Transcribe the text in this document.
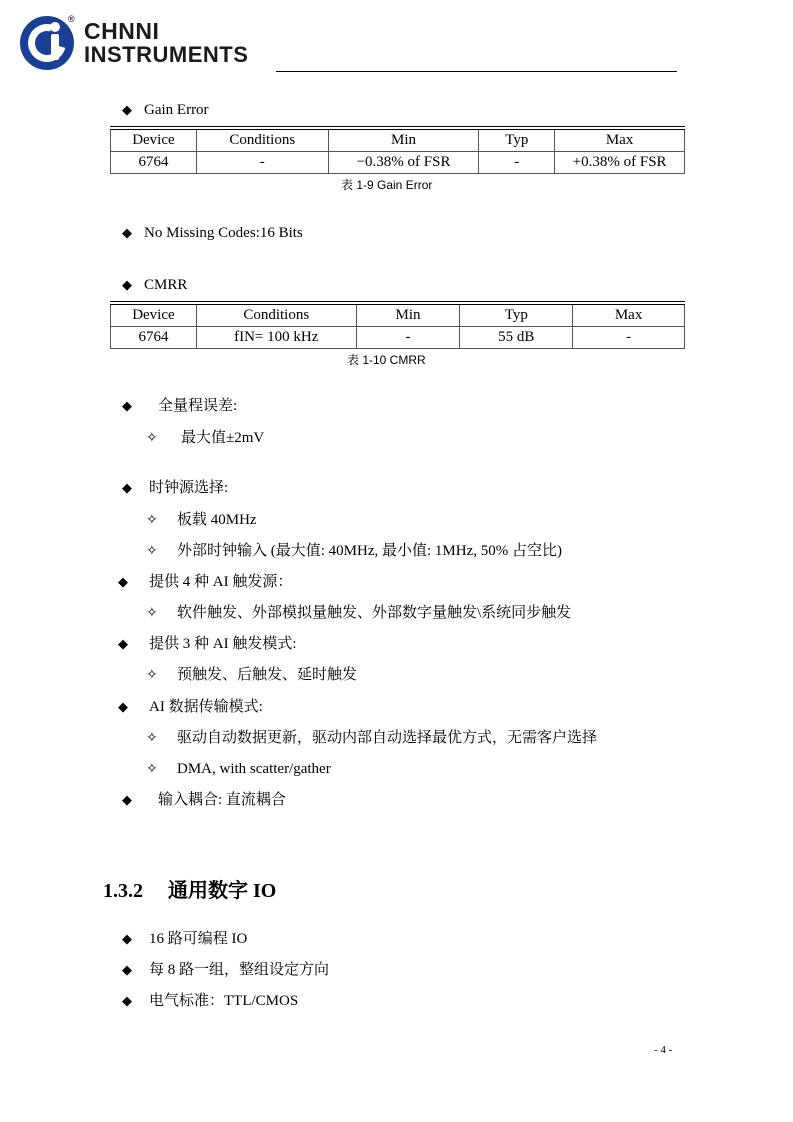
® CHNNI
INSTRUMENTS
◆ Gain Error
Device	Conditions	Min	Typ	Max
6764	-	−0.38% of FSR	-	+0.38% of FSR
表 1-9 Gain Error
◆ No Missing Codes:16 Bits
◆ CMRR
Device	Conditions	Min	Typ	Max
6764	fIN= 100 kHz	-	55 dB	-
表 1-10 CMRR
◆ 全量程误差:
✧ 最大值±2mV
◆ 时钟源选择:
✧ 板载 40MHz
✧ 外部时钟输入 (最大值: 40MHz, 最小值: 1MHz, 50% 占空比)
◆ 提供 4 种 AI 触发源：
✧ 软件触发、外部模拟量触发、外部数字量触发\系统同步触发
◆ 提供 3 种 AI 触发模式:
✧ 预触发、后触发、延时触发
◆ AI 数据传输模式:
✧ 驱动自动数据更新，驱动内部自动选择最优方式，无需客户选择
✧ DMA, with scatter/gather
◆ 输入耦合: 直流耦合
1.3.2 通用数字 IO
◆ 16 路可编程 IO
◆ 每 8 路一组，整组设定方向
◆ 电气标准：TTL/CMOS
- 4 -
